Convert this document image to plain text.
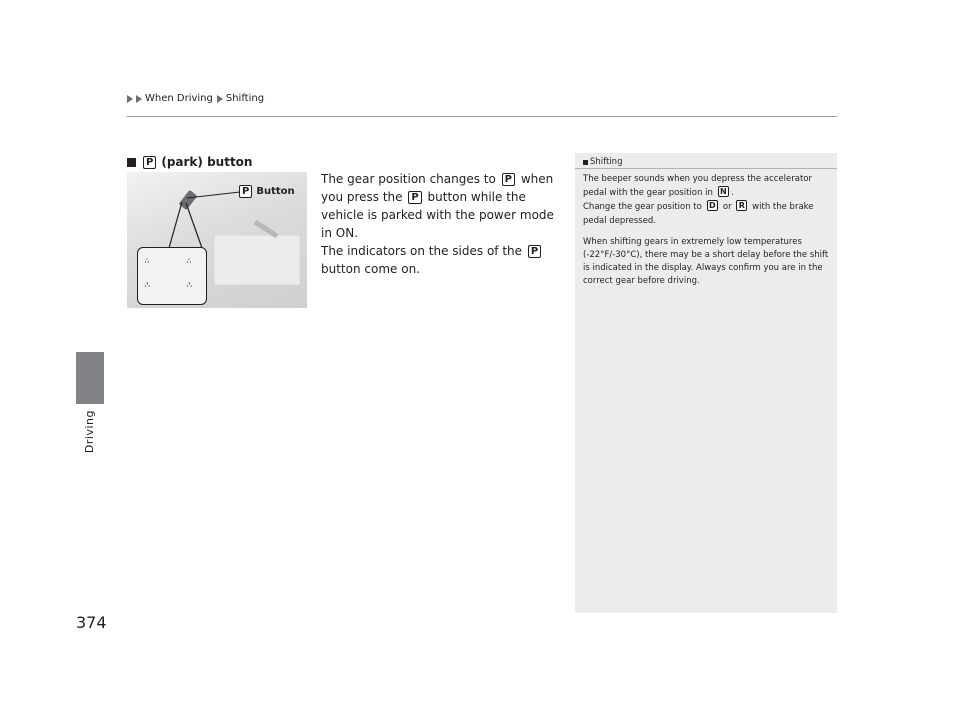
When Driving Shifting
Driving
374
P (park) button
·′·	·′·
·‛·	·‛·
P Button
The gear position changes to P when you press the P button while the vehicle is parked with the power mode in ON.
The indicators on the sides of the P button come on.
Shifting

The beeper sounds when you depress the accelerator pedal with the gear position in N .
Change the gear position to D or R with the brake pedal depressed.

When shifting gears in extremely low temperatures (-22°F/-30°C), there may be a short delay before the shift is indicated in the display. Always confirm you are in the correct gear before driving.
